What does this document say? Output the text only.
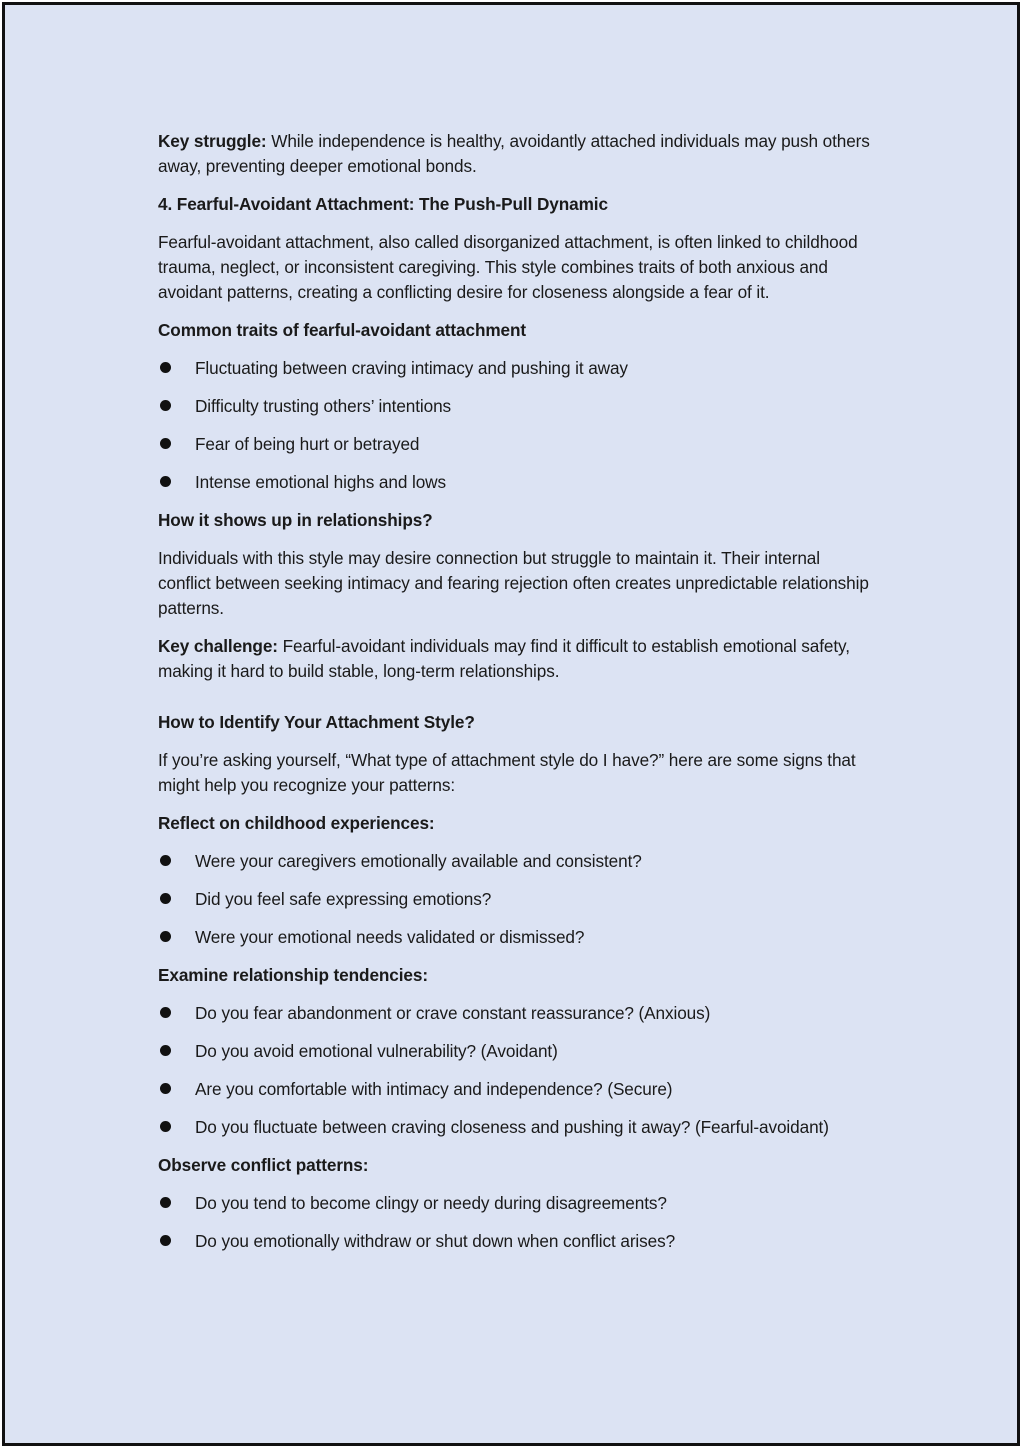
Key struggle: While independence is healthy, avoidantly attached individuals may push others away, preventing deeper emotional bonds.

4. Fearful-Avoidant Attachment: The Push-Pull Dynamic

Fearful-avoidant attachment, also called disorganized attachment, is often linked to childhood trauma, neglect, or inconsistent caregiving. This style combines traits of both anxious and avoidant patterns, creating a conflicting desire for closeness alongside a fear of it.

Common traits of fearful-avoidant attachment

Fluctuating between craving intimacy and pushing it away
Difficulty trusting others’ intentions
Fear of being hurt or betrayed
Intense emotional highs and lows

How it shows up in relationships?

Individuals with this style may desire connection but struggle to maintain it. Their internal conflict between seeking intimacy and fearing rejection often creates unpredictable relationship patterns.

Key challenge: Fearful-avoidant individuals may find it difficult to establish emotional safety, making it hard to build stable, long-term relationships.

How to Identify Your Attachment Style?

If you’re asking yourself, “What type of attachment style do I have?” here are some signs that might help you recognize your patterns:

Reflect on childhood experiences:

Were your caregivers emotionally available and consistent?
Did you feel safe expressing emotions?
Were your emotional needs validated or dismissed?

Examine relationship tendencies:

Do you fear abandonment or crave constant reassurance? (Anxious)
Do you avoid emotional vulnerability? (Avoidant)
Are you comfortable with intimacy and independence? (Secure)
Do you fluctuate between craving closeness and pushing it away? (Fearful-avoidant)

Observe conflict patterns:

Do you tend to become clingy or needy during disagreements?
Do you emotionally withdraw or shut down when conflict arises?
